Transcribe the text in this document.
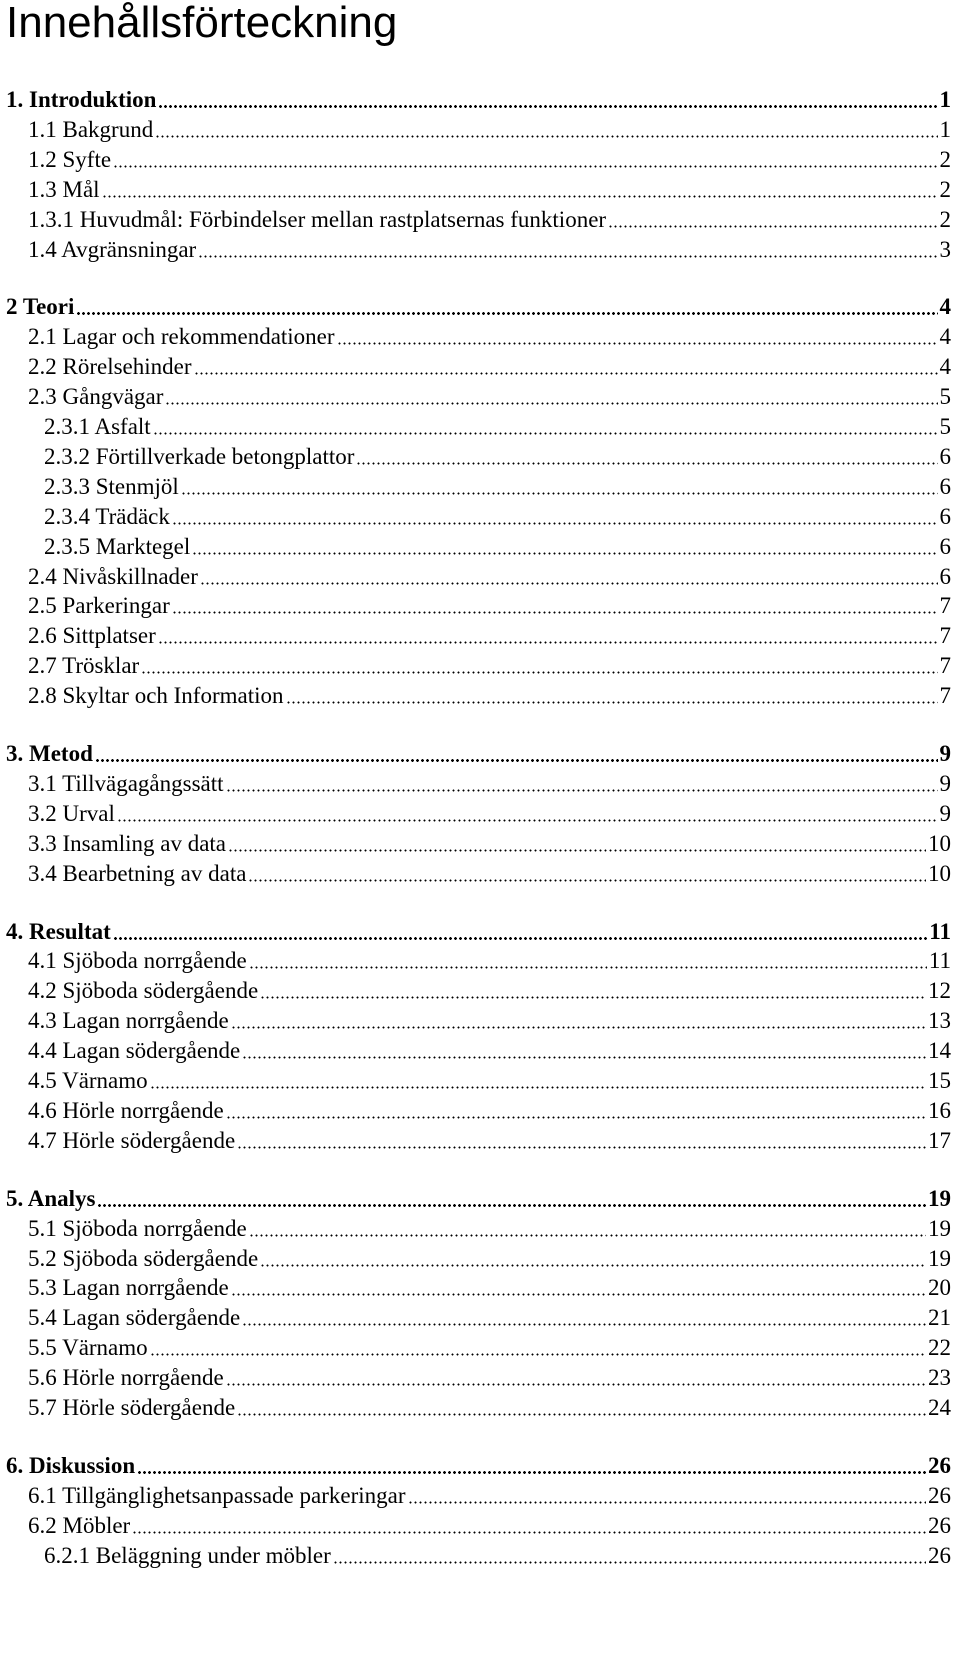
Innehållsförteckning
1. Introduktion	1
1.1 Bakgrund	1
1.2 Syfte	2
1.3 Mål	2
1.3.1 Huvudmål: Förbindelser mellan rastplatsernas funktioner	2
1.4 Avgränsningar	3
2 Teori	4
2.1 Lagar och rekommendationer	4
2.2 Rörelsehinder	4
2.3 Gångvägar	5
2.3.1 Asfalt	5
2.3.2 Förtillverkade betongplattor	6
2.3.3 Stenmjöl	6
2.3.4 Trädäck	6
2.3.5 Marktegel	6
2.4 Nivåskillnader	6
2.5 Parkeringar	7
2.6 Sittplatser	7
2.7 Trösklar	7
2.8 Skyltar och Information	7
3. Metod	9
3.1 Tillvägagångssätt	9
3.2 Urval	9
3.3 Insamling av data	10
3.4 Bearbetning av data	10
4. Resultat	11
4.1 Sjöboda norrgående	11
4.2 Sjöboda södergående	12
4.3 Lagan norrgående	13
4.4 Lagan södergående	14
4.5 Värnamo	15
4.6 Hörle norrgående	16
4.7 Hörle södergående	17
5. Analys	19
5.1 Sjöboda norrgående	19
5.2 Sjöboda södergående	19
5.3 Lagan norrgående	20
5.4 Lagan södergående	21
5.5 Värnamo	22
5.6 Hörle norrgående	23
5.7 Hörle södergående	24
6. Diskussion	26
6.1 Tillgänglighetsanpassade parkeringar	26
6.2 Möbler	26
6.2.1 Beläggning under möbler	26
